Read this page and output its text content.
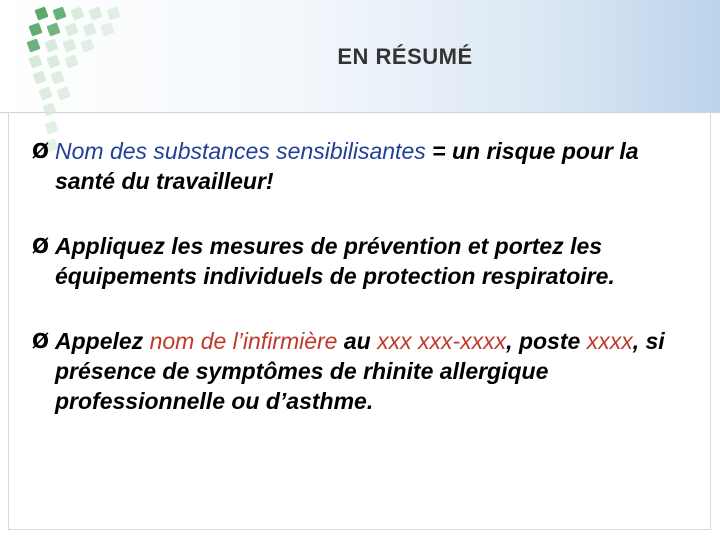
EN RÉSUMÉ
Ø Nom des substances sensibilisantes = un risque pour la santé du travailleur!
Ø Appliquez les mesures de prévention et portez les équipements individuels de protection respiratoire.
Ø Appelez nom de l’infirmière au xxx xxx-xxxx, poste xxxx, si présence de symptômes de rhinite allergique professionnelle ou d’asthme.
